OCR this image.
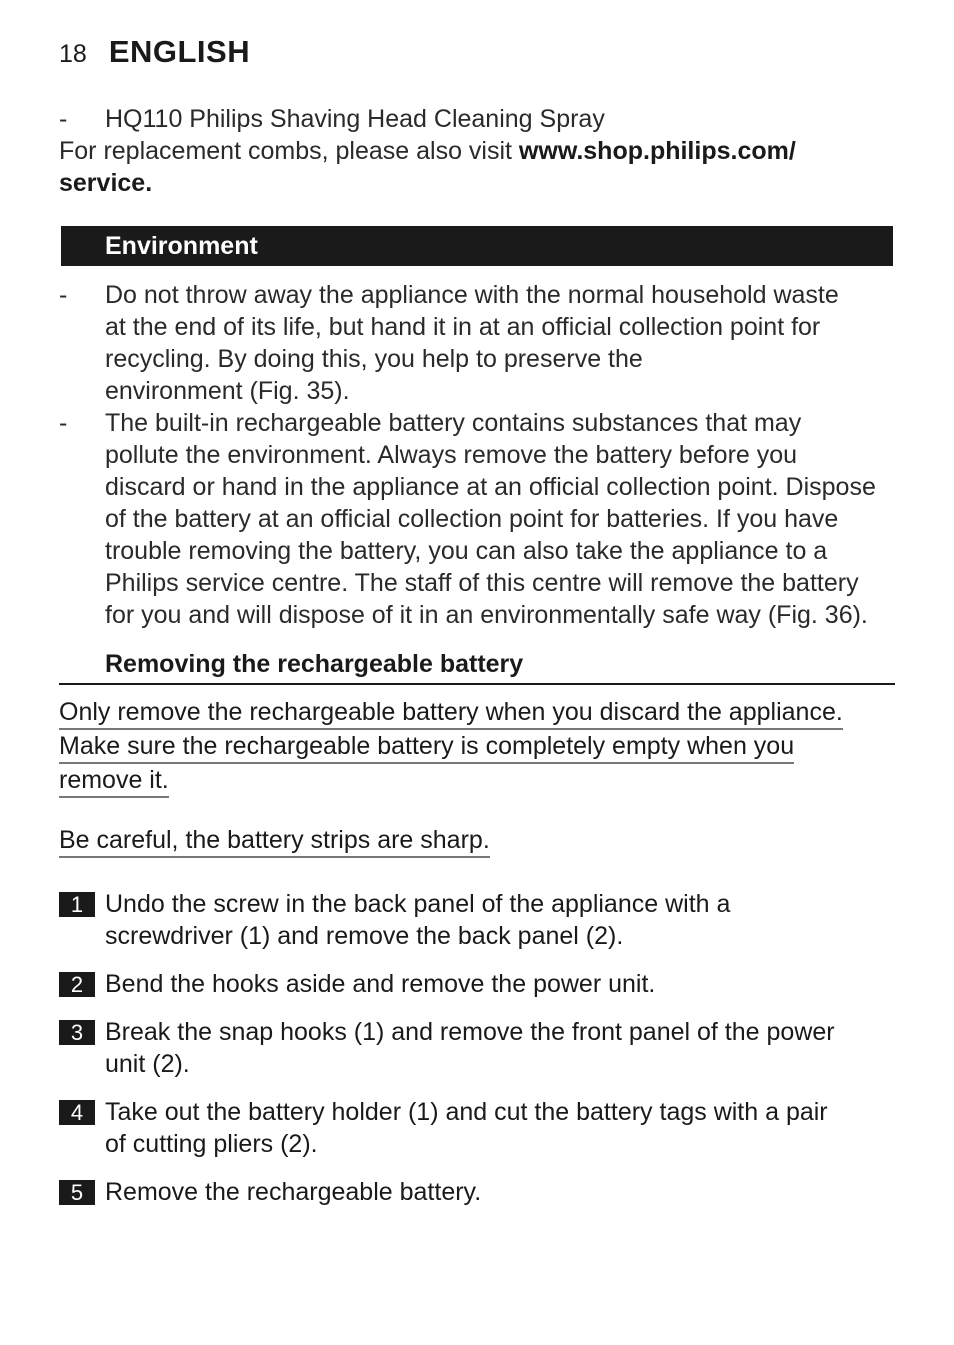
18 ENGLISH
-	HQ110 Philips Shaving Head Cleaning Spray
For replacement combs, please also visit www.shop.philips.com/
service.
Environment
-	Do not throw away the appliance with the normal household waste
at the end of its life, but hand it in at an official collection point for
recycling. By doing this, you help to preserve the
environment (Fig. 35).
-	The built-in rechargeable battery contains substances that may
pollute the environment. Always remove the battery before you
discard or hand in the appliance at an official collection point. Dispose
of the battery at an official collection point for batteries. If you have
trouble removing the battery, you can also take the appliance to a
Philips service centre. The staff of this centre will remove the battery
for you and will dispose of it in an environmentally safe way (Fig. 36).
Removing the rechargeable battery
Only remove the rechargeable battery when you discard the appliance.
Make sure the rechargeable battery is completely empty when you
remove it.
Be careful, the battery strips are sharp.
1 Undo the screw in the back panel of the appliance with a
screwdriver (1) and remove the back panel (2).
2 Bend the hooks aside and remove the power unit.
3 Break the snap hooks (1) and remove the front panel of the power
unit (2).
4 Take out the battery holder (1) and cut the battery tags with a pair
of cutting pliers (2).
5 Remove the rechargeable battery.
